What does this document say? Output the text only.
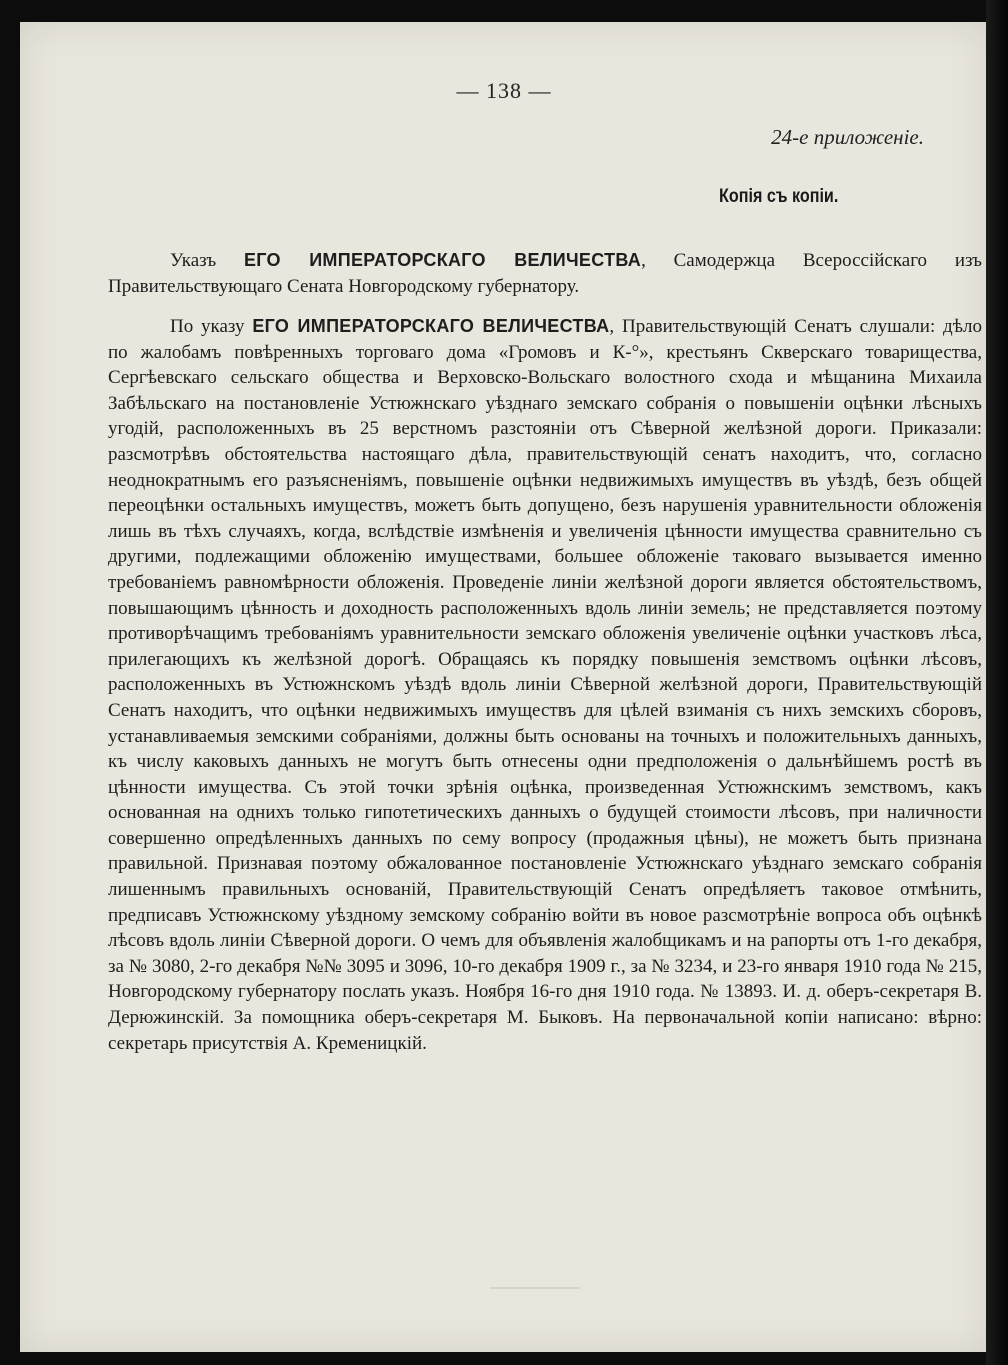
— 138 —
24-е приложенiе.
Копiя съ копiи.

Указъ ЕГО ИМПЕРАТОРСКАГО ВЕЛИЧЕСТВА, Самодержца Всероссiйскаго изъ Правительствующаго Сената Новгородскому губернатору.

По указу ЕГО ИМПЕРАТОРСКАГО ВЕЛИЧЕСТВА, Правительствующiй Сенатъ слушали: дѣло по жалобамъ повѣренныхъ торговаго дома «Громовъ и К-°», крестьянъ Скверскаго товарищества, Сергѣевскаго сельскаго общества и Верховско-Вольскаго волостного схода и мѣщанина Михаила Забѣльскаго на постановленiе Устюжнскаго уѣзднаго земскаго собранiя о повышенiи оцѣнки лѣсныхъ угодiй, расположенныхъ въ 25 верстномъ разстоянiи отъ Сѣверной желѣзной дороги. Приказали: разсмотрѣвъ обстоятельства настоящаго дѣла, правительствующiй сенатъ находитъ, что, согласно неоднократнымъ его разъясненiямъ, повышенiе оцѣнки недвижимыхъ имуществъ въ уѣздѣ, безъ общей переоцѣнки остальныхъ имуществъ, можетъ быть допущено, безъ нарушенiя уравнительности обложенiя лишь въ тѣхъ случаяхъ, когда, вслѣдствiе измѣненiя и увеличенiя цѣнности имущества сравнительно съ другими, подлежащими обложенiю имуществами, большее обложенiе таковаго вызывается именно требованiемъ равномѣрности обложенiя. Проведенiе линiи желѣзной дороги является обстоятельствомъ, повышающимъ цѣнность и доходность расположенныхъ вдоль линiи земель; не представляется поэтому противорѣчащимъ требованiямъ уравнительности земскаго обложенiя увеличенiе оцѣнки участковъ лѣса, прилегающихъ къ желѣзной дорогѣ. Обращаясь къ порядку повышенiя земствомъ оцѣнки лѣсовъ, расположенныхъ въ Устюжнскомъ уѣздѣ вдоль линiи Сѣверной желѣзной дороги, Правительствующiй Сенатъ находитъ, что оцѣнки недвижимыхъ имуществъ для цѣлей взиманiя съ нихъ земскихъ сборовъ, устанавливаемыя земскими собранiями, должны быть основаны на точныхъ и положительныхъ данныхъ, къ числу каковыхъ данныхъ не могутъ быть отнесены одни предположенiя о дальнѣйшемъ ростѣ въ цѣнности имущества. Съ этой точки зрѣнiя оцѣнка, произведенная Устюжнскимъ земствомъ, какъ основанная на однихъ только гипотетическихъ данныхъ о будущей стоимости лѣсовъ, при наличности совершенно опредѣленныхъ данныхъ по сему вопросу (продажныя цѣны), не можетъ быть признана правильной. Признавая поэтому обжалованное постановленiе Устюжнскаго уѣзднаго земскаго собранiя лишеннымъ правильныхъ основанiй, Правительствующiй Сенатъ опредѣляетъ таковое отмѣнить, предписавъ Устюжнскому уѣздному земскому собранiю войти въ новое разсмотрѣнiе вопроса объ оцѣнкѣ лѣсовъ вдоль линiи Сѣверной дороги. О чемъ для объявленiя жалобщикамъ и на рапорты отъ 1-го декабря, за № 3080, 2-го декабря №№ 3095 и 3096, 10-го декабря 1909 г., за № 3234, и 23-го января 1910 года № 215, Новгородскому губернатору послать указъ. Ноября 16-го дня 1910 года. № 13893. И. д. оберъ-секретаря В. Дерюжинскiй. За помощника оберъ-секретаря М. Быковъ. На первоначальной копiи написано: вѣрно: секретарь присутствiя А. Кременицкiй.
